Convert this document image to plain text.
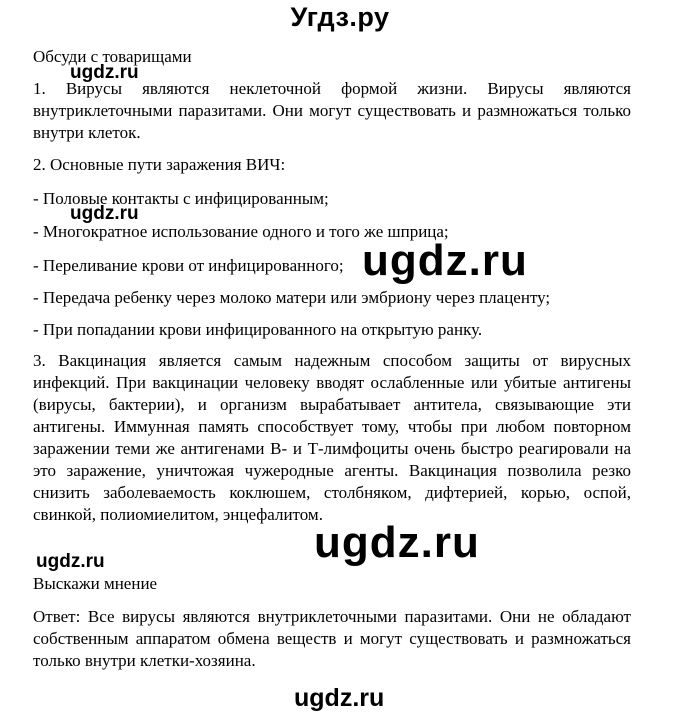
Угдз.ру
Обсуди с товарищами
1. Вирусы являются неклеточной формой жизни. Вирусы являются внутриклеточными паразитами. Они могут существовать и размножаться только внутри клеток.
2. Основные пути заражения ВИЧ:
- Половые контакты с инфицированным;
- Многократное использование одного и того же шприца;
- Переливание крови от инфицированного;
- Передача ребенку через молоко матери или эмбриону через плаценту;
- При попадании крови инфицированного на открытую ранку.
3. Вакцинация является самым надежным способом защиты от вирусных инфекций. При вакцинации человеку вводят ослабленные или убитые антигены (вирусы, бактерии), и организм вырабатывает антитела, связывающие эти антигены. Иммунная память способствует тому, чтобы при любом повторном заражении теми же антигенами В- и Т-лимфоциты очень быстро реагировали на это заражение, уничтожая чужеродные агенты. Вакцинация позволила резко снизить заболеваемость коклюшем, столбняком, дифтерией, корью, оспой, свинкой, полиомиелитом, энцефалитом.
Выскажи мнение
Ответ: Все вирусы являются внутриклеточными паразитами. Они не обладают собственным аппаратом обмена веществ и могут существовать и размножаться только внутри клетки-хозяина.
ugdz.ru
ugdz.ru
ugdz.ru
ugdz.ru
ugdz.ru
ugdz.ru
